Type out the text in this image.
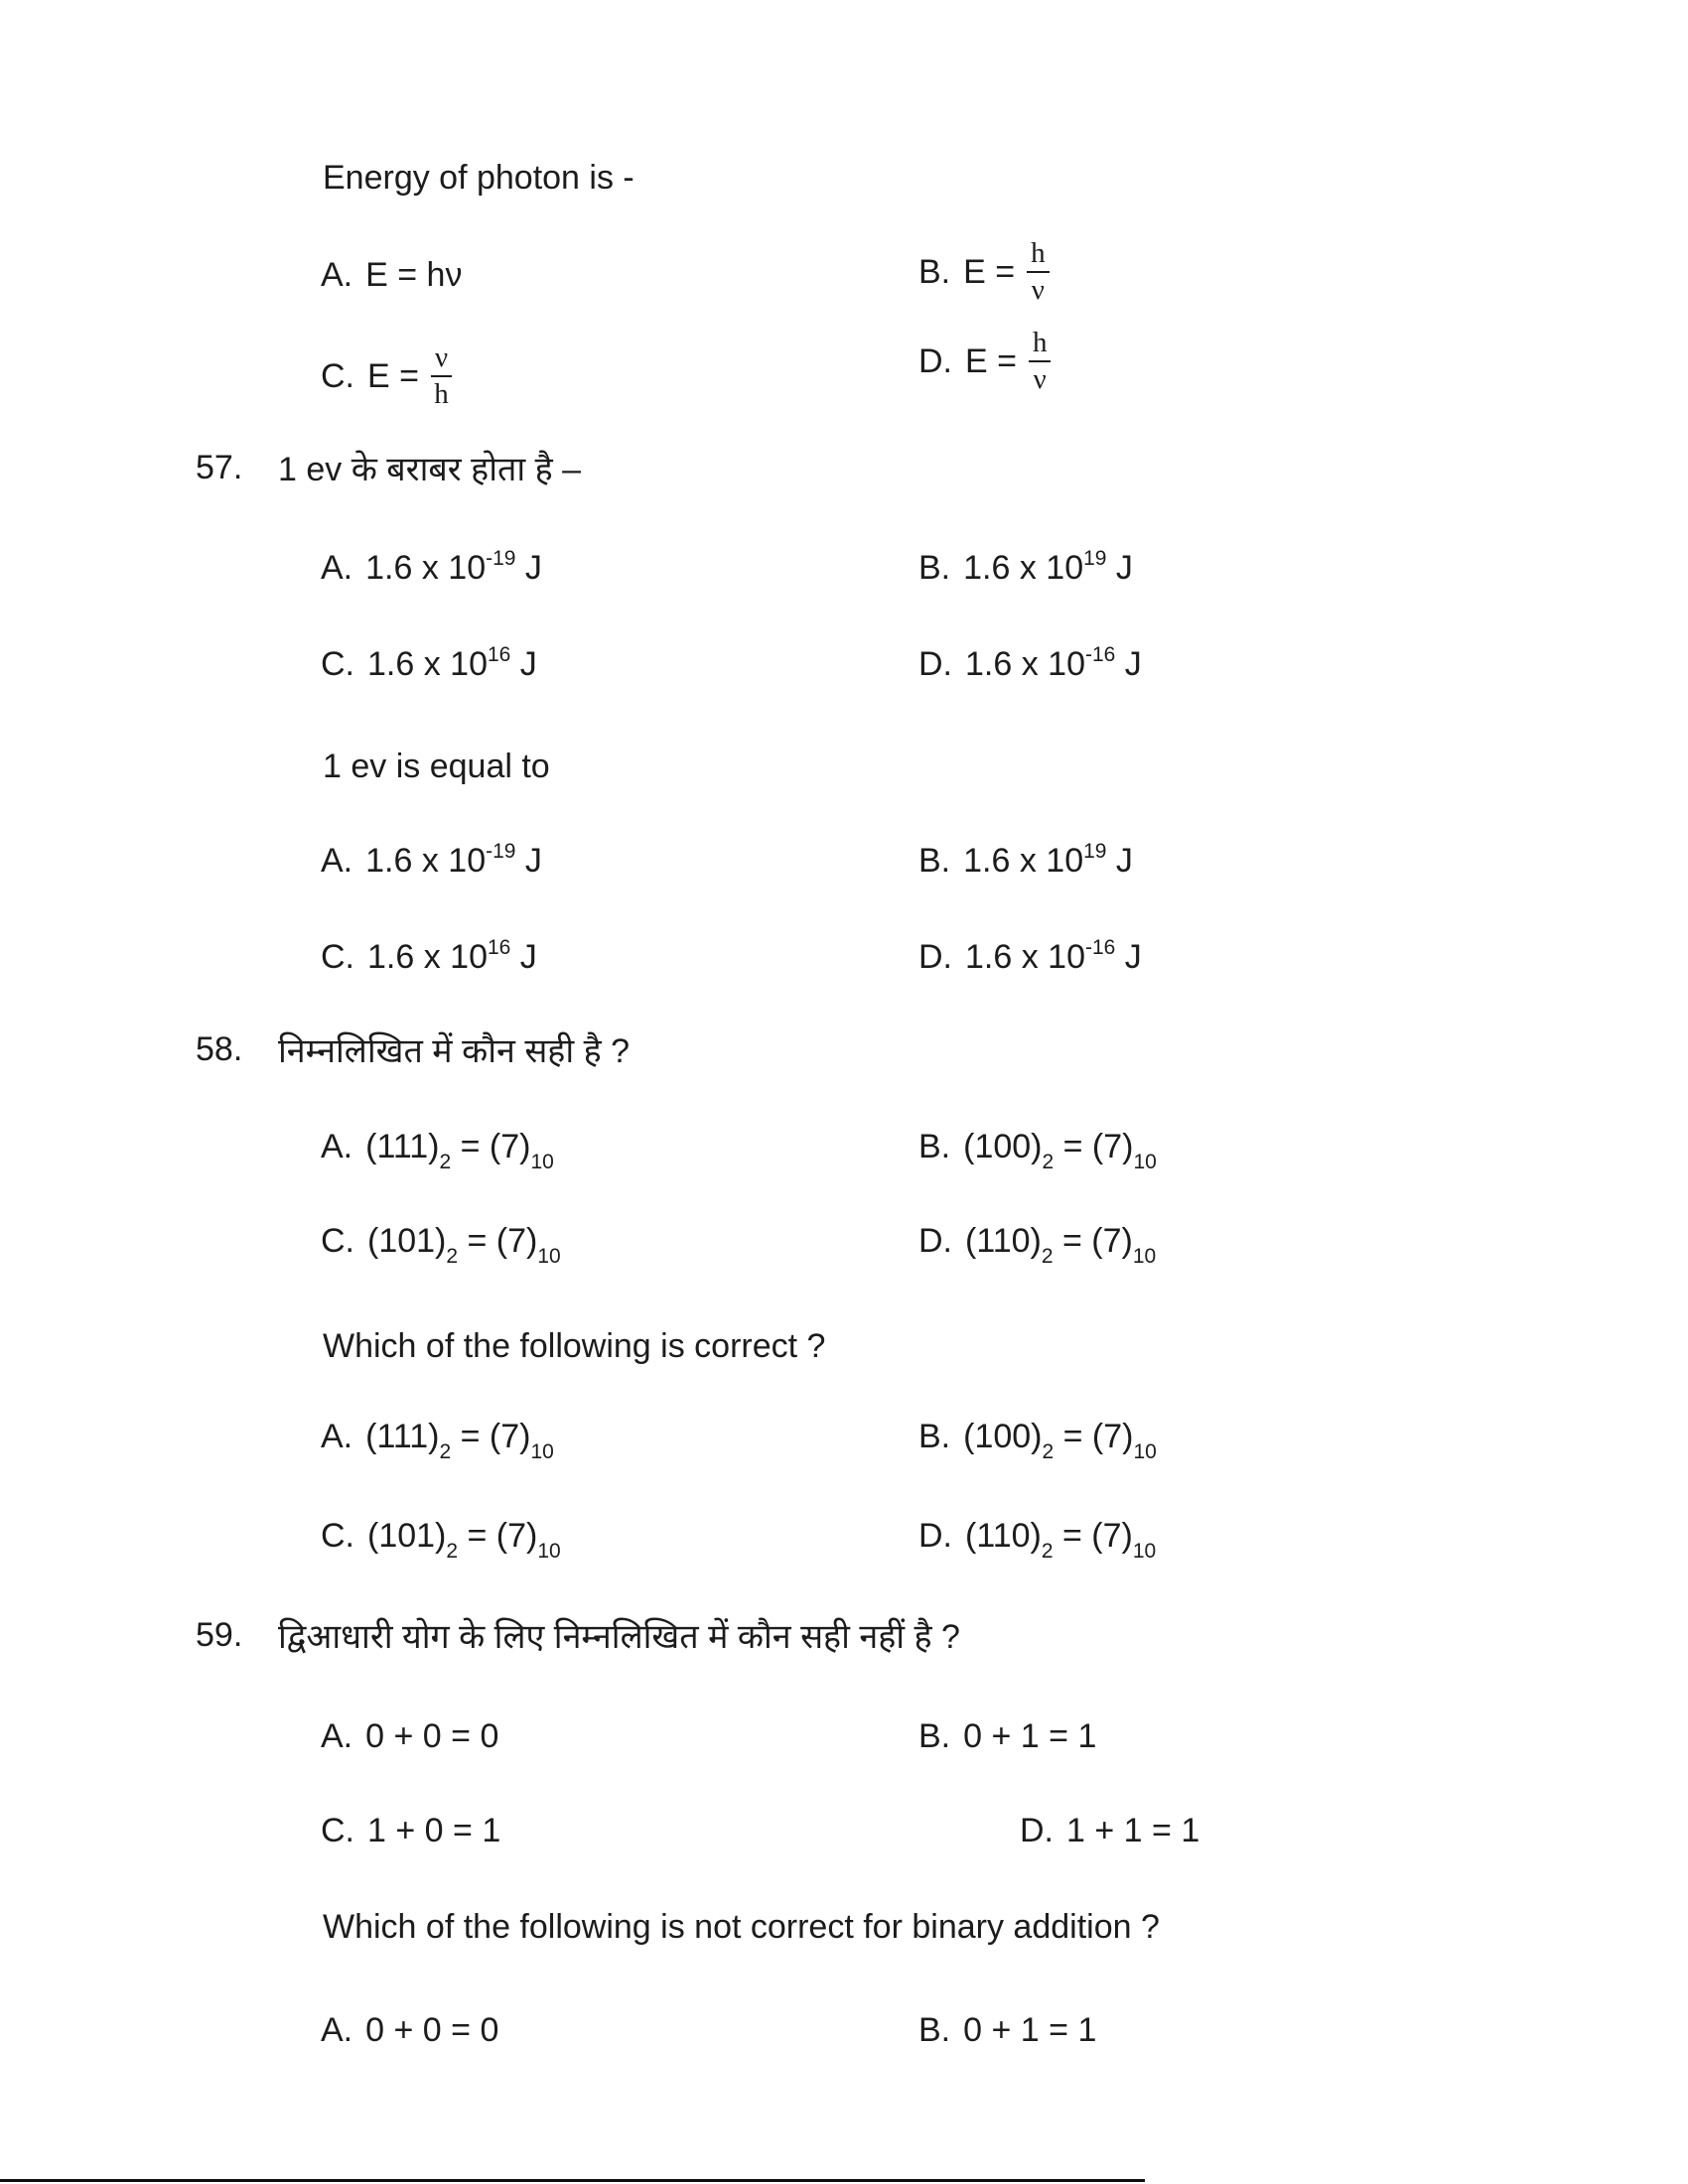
Energy of photon is -
A. E = hν	B. $E = \frac{h}{\nu}$
C. $E = \frac{\nu}{h}$	D. $E = \frac{h}{\nu}$
57. 1 ev के बराबर होता है –
A. 1.6 x $10^{-19}$ J	B. 1.6 x $10^{19}$ J
C. 1.6 x $10^{16}$ J	D. 1.6 x $10^{-16}$ J
1 ev is equal to
A. 1.6 x $10^{-19}$ J	B. 1.6 x $10^{19}$ J
C. 1.6 x $10^{16}$ J	D. 1.6 x $10^{-16}$ J
58. निम्नलिखित में कौन सही है ?
A. $(111)_2 = (7)_{10}$	B. $(100)_2 = (7)_{10}$
C. $(101)_2 = (7)_{10}$	D. $(110)_2 = (7)_{10}$
Which of the following is correct ?
A. $(111)_2 = (7)_{10}$	B. $(100)_2 = (7)_{10}$
C. $(101)_2 = (7)_{10}$	D. $(110)_2 = (7)_{10}$
59. द्विआधारी योग के लिए निम्नलिखित में कौन सही नहीं है ?
A. 0 + 0 = 0	B. 0 + 1 = 1
C. 1 + 0 = 1	D. 1 + 1 = 1
Which of the following is not correct for binary addition ?
A. 0 + 0 = 0	B. 0 + 1 = 1
